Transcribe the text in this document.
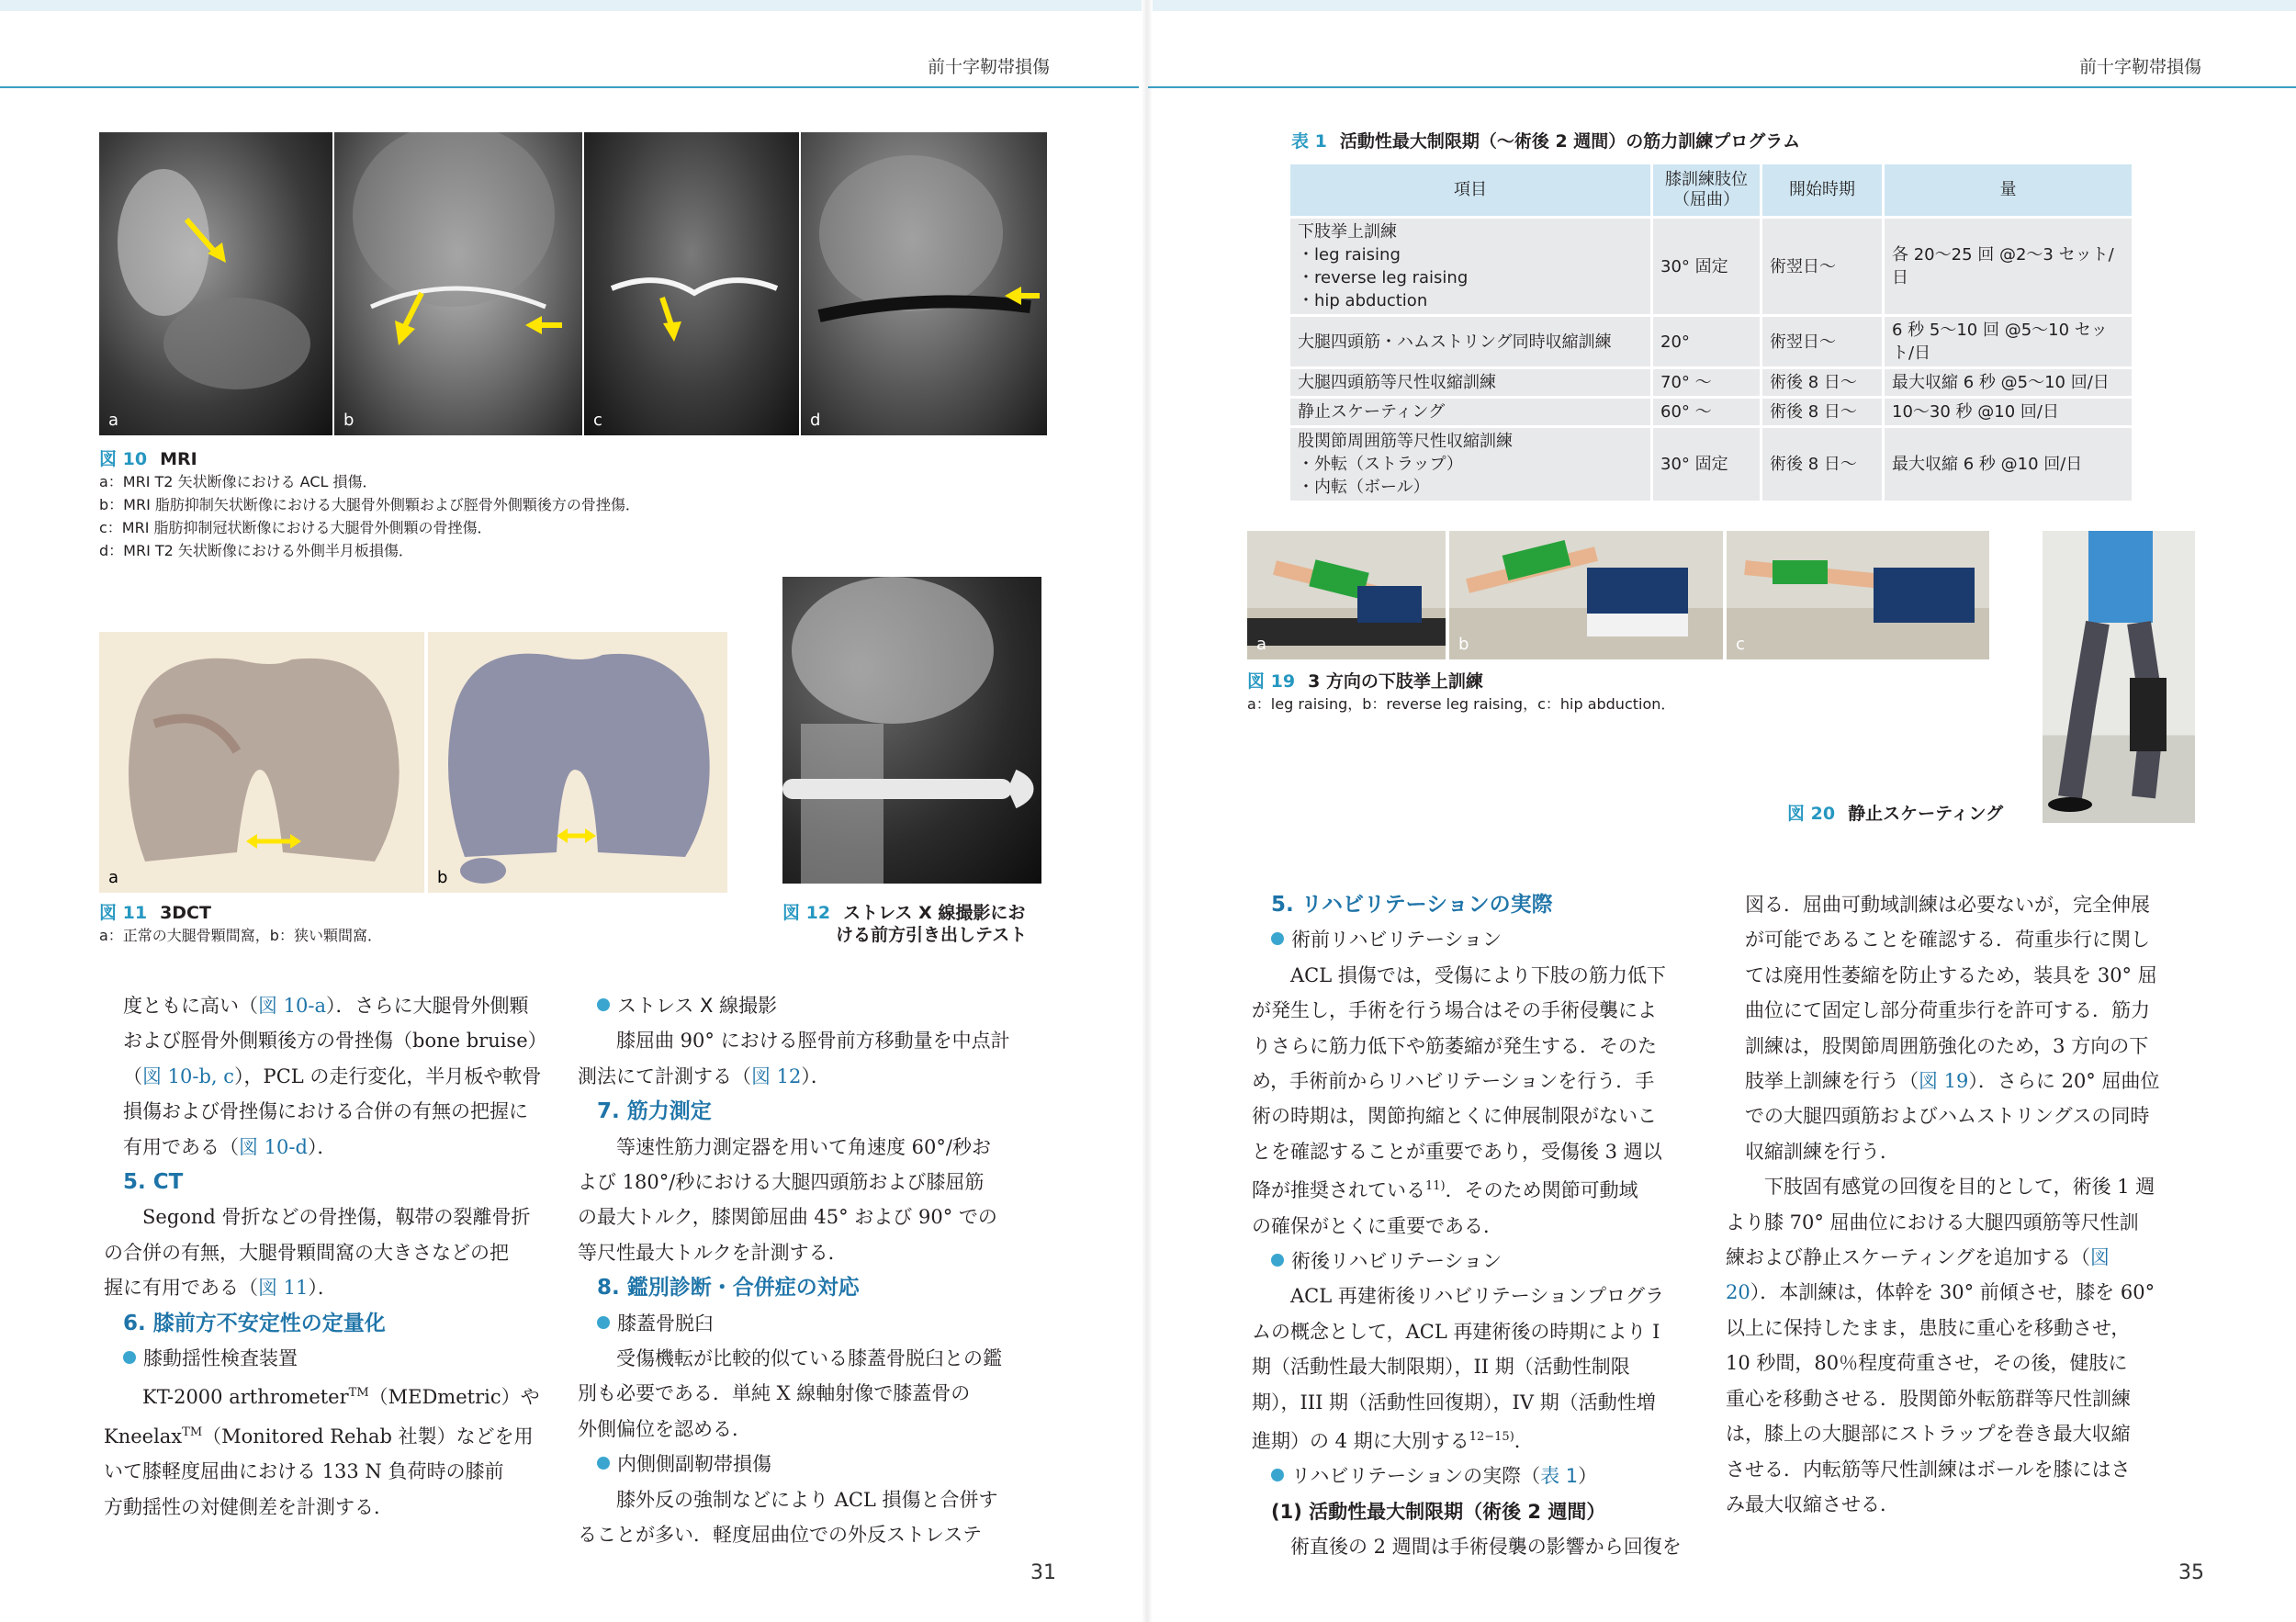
前十字靭帯損傷
a	b	c	d
図 10 MRI
a：MRI T2 矢状断像における ACL 損傷．
b：MRI 脂肪抑制矢状断像における大腿骨外側顆および脛骨外側顆後方の骨挫傷．
c：MRI 脂肪抑制冠状断像における大腿骨外側顆の骨挫傷．
d：MRI T2 矢状断像における外側半月板損傷．
a	b
図 11 3DCT
a：正常の大腿骨顆間窩，b：狭い顆間窩．
図 12 ストレス X 線撮影にお
ける前方引き出しテスト

度ともに高い（図 10-a）．さらに大腿骨外側顆
および脛骨外側顆後方の骨挫傷（bone bruise）
（図 10-b, c），PCL の走行変化，半月板や軟骨
損傷および骨挫傷における合併の有無の把握に
有用である（図 10-d）．

5. CT

Segond 骨折などの骨挫傷，靱帯の裂離骨折
の合併の有無，大腿骨顆間窩の大きさなどの把
握に有用である（図 11）．

6. 膝前方不安定性の定量化
膝動揺性検査装置

KT-2000 arthrometer™（MEDmetric）や
Kneelax™（Monitored Rehab 社製）などを用
いて膝軽度屈曲における 133 N 負荷時の膝前
方動揺性の対健側差を計測する．

ストレス X 線撮影

膝屈曲 90° における脛骨前方移動量を中点計
測法にて計測する（図 12）．

7. 筋力測定

等速性筋力測定器を用いて角速度 60°/秒お
よび 180°/秒における大腿四頭筋および膝屈筋
の最大トルク，膝関節屈曲 45° および 90° での
等尺性最大トルクを計測する．

8. 鑑別診断・合併症の対応
膝蓋骨脱臼

受傷機転が比較的似ている膝蓋骨脱臼との鑑
別も必要である．単純 X 線軸射像で膝蓋骨の
外側偏位を認める．

内側側副靭帯損傷

膝外反の強制などにより ACL 損傷と合併す
ることが多い．軽度屈曲位での外反ストレステ

31
前十字靭帯損傷
表 1 活動性最大制限期（〜術後 2 週間）の筋力訓練プログラム
項目	膝訓練肢位
（屈曲）	開始時期	量
下肢挙上訓練
・leg raising
・reverse leg raising
・hip abduction	30° 固定	術翌日〜	各 20〜25 回 @2〜3 セット/日
大腿四頭筋・ハムストリング同時収縮訓練	20°	術翌日〜	6 秒 5〜10 回 @5〜10 セット/日
大腿四頭筋等尺性収縮訓練	70° 〜	術後 8 日〜	最大収縮 6 秒 @5〜10 回/日
静止スケーティング	60° 〜	術後 8 日〜	10〜30 秒 @10 回/日
股関節周囲筋等尺性収縮訓練
・外転（ストラップ）
・内転（ボール）	30° 固定	術後 8 日〜	最大収縮 6 秒 @10 回/日
a	b	c
図 19 3 方向の下肢挙上訓練
a：leg raising，b：reverse leg raising，c：hip abduction．
図 20 静止スケーティング
5. リハビリテーションの実際
術前リハビリテーション

ACL 損傷では，受傷により下肢の筋力低下
が発生し，手術を行う場合はその手術侵襲によ
りさらに筋力低下や筋萎縮が発生する．そのた
め，手術前からリハビリテーションを行う．手
術の時期は，関節拘縮とくに伸展制限がないこ
とを確認することが重要であり，受傷後 3 週以
降が推奨されている$^{11)}$．そのため関節可動域
の確保がとくに重要である．

術後リハビリテーション

ACL 再建術後リハビリテーションプログラ
ムの概念として，ACL 再建術後の時期により I
期（活動性最大制限期），II 期（活動性制限
期），III 期（活動性回復期），IV 期（活動性増
進期）の 4 期に大別する$^{12-15)}$．

リハビリテーションの実際（表 1）
(1) 活動性最大制限期（術後 2 週間）

術直後の 2 週間は手術侵襲の影響から回復を

図る．屈曲可動域訓練は必要ないが，完全伸展
が可能であることを確認する．荷重歩行に関し
ては廃用性萎縮を防止するため，装具を 30° 屈
曲位にて固定し部分荷重歩行を許可する．筋力
訓練は，股関節周囲筋強化のため，3 方向の下
肢挙上訓練を行う（図 19）．さらに 20° 屈曲位
での大腿四頭筋およびハムストリングスの同時
収縮訓練を行う．

下肢固有感覚の回復を目的として，術後 1 週
より膝 70° 屈曲位における大腿四頭筋等尺性訓
練および静止スケーティングを追加する（図
20）．本訓練は，体幹を 30° 前傾させ，膝を 60°
以上に保持したまま，患肢に重心を移動させ，
10 秒間，80％程度荷重させ，その後，健肢に
重心を移動させる．股関節外転筋群等尺性訓練
は，膝上の大腿部にストラップを巻き最大収縮
させる．内転筋等尺性訓練はボールを膝にはさ
み最大収縮させる．

35
